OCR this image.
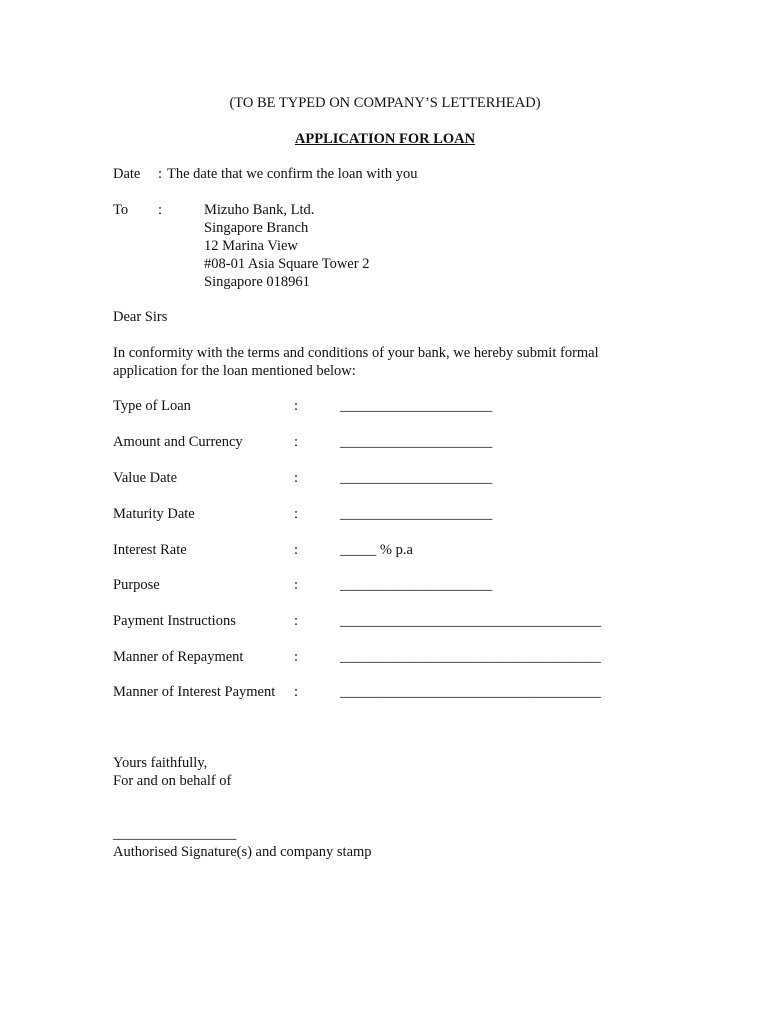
(TO BE TYPED ON COMPANY’S LETTERHEAD)
APPLICATION FOR LOAN
Date : The date that we confirm the loan with you
To :	Mizuho Bank, Ltd.
Singapore Branch
12 Marina View
#08-01 Asia Square Tower 2
Singapore 018961
Dear Sirs
In conformity with the terms and conditions of your bank, we hereby submit formal application for the loan mentioned below:
Type of Loan	:	_____________________
Amount and Currency	:	_____________________
Value Date	:	_____________________
Maturity Date	:	_____________________
Interest Rate	:	_____ % p.a
Purpose	:	_____________________
Payment Instructions	:	____________________________________
Manner of Repayment	:	____________________________________
Manner of Interest Payment :	____________________________________
Yours faithfully,
For and on behalf of
_________________
Authorised Signature(s) and company stamp
